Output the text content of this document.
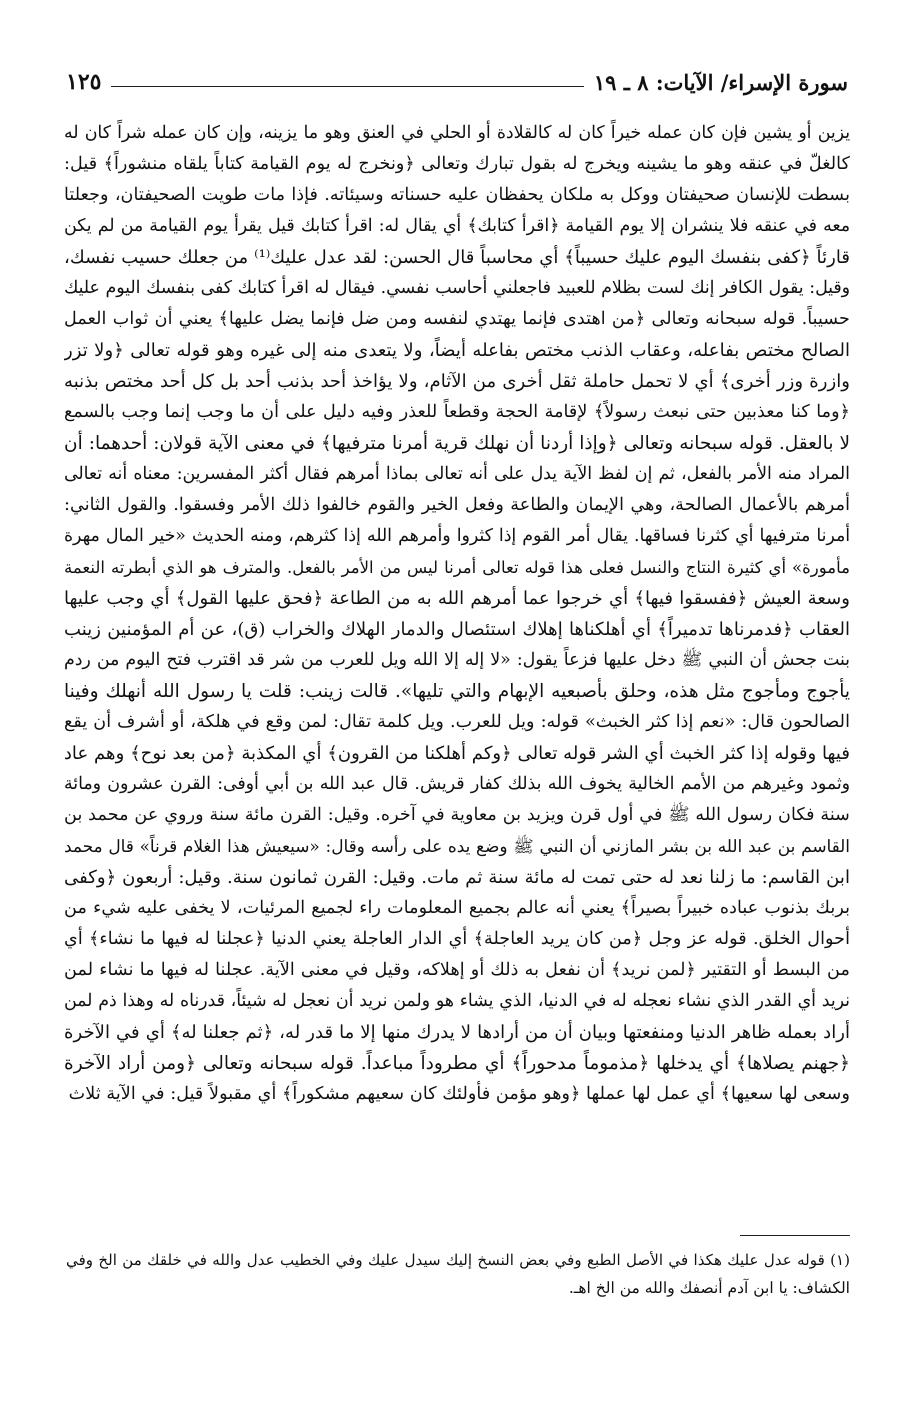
سورة الإسراء/ الآيات: ٨ ـ ١٩
١٢٥
يزين أو يشين فإن كان عمله خيراً كان له كالقلادة أو الحلي في العنق وهو ما يزينه، وإن كان عمله شراً كان له
كالغلّ في عنقه وهو ما يشينه ويخرج له بقول تبارك وتعالى ﴿ونخرج له يوم القيامة كتاباً يلقاه منشوراً﴾ قيل:
بسطت للإنسان صحيفتان ووكل به ملكان يحفظان عليه حسناته وسيئاته. فإذا مات طويت الصحيفتان، وجعلتا
معه في عنقه فلا ينشران إلا يوم القيامة ﴿اقرأ كتابك﴾ أي يقال له: اقرأ كتابك قيل يقرأ يوم القيامة من لم يكن
قارئاً ﴿كفى بنفسك اليوم عليك حسيباً﴾ أي محاسباً قال الحسن: لقد عدل عليك⁽¹⁾ من جعلك حسيب نفسك،
وقيل: يقول الكافر إنك لست بظلام للعبيد فاجعلني أحاسب نفسي. فيقال له اقرأ كتابك كفى بنفسك اليوم عليك
حسيباً. قوله سبحانه وتعالى ﴿من اهتدى فإنما يهتدي لنفسه ومن ضل فإنما يضل عليها﴾ يعني أن ثواب العمل
الصالح مختص بفاعله، وعقاب الذنب مختص بفاعله أيضاً، ولا يتعدى منه إلى غيره وهو قوله تعالى ﴿ولا تزر
وازرة وزر أخرى﴾ أي لا تحمل حاملة ثقل أخرى من الآثام، ولا يؤاخذ أحد بذنب أحد بل كل أحد مختص بذنبه
﴿وما كنا معذبين حتى نبعث رسولاً﴾ لإقامة الحجة وقطعاً للعذر وفيه دليل على أن ما وجب إنما وجب بالسمع
لا بالعقل. قوله سبحانه وتعالى ﴿وإذا أردنا أن نهلك قرية أمرنا مترفيها﴾ في معنى الآية قولان: أحدهما: أن
المراد منه الأمر بالفعل، ثم إن لفظ الآية يدل على أنه تعالى بماذا أمرهم فقال أكثر المفسرين: معناه أنه تعالى
أمرهم بالأعمال الصالحة، وهي الإيمان والطاعة وفعل الخير والقوم خالفوا ذلك الأمر وفسقوا. والقول الثاني:
أمرنا مترفيها أي كثرنا فساقها. يقال أمر القوم إذا كثروا وأمرهم الله إذا كثرهم، ومنه الحديث «خير المال مهرة
مأمورة» أي كثيرة النتاج والنسل فعلى هذا قوله تعالى أمرنا ليس من الأمر بالفعل. والمترف هو الذي أبطرته النعمة
وسعة العيش ﴿ففسقوا فيها﴾ أي خرجوا عما أمرهم الله به من الطاعة ﴿فحق عليها القول﴾ أي وجب عليها
العقاب ﴿فدمرناها تدميراً﴾ أي أهلكناها إهلاك استئصال والدمار الهلاك والخراب (ق)، عن أم المؤمنين زينب
بنت جحش أن النبي ﷺ دخل عليها فزعاً يقول: «لا إله إلا الله ويل للعرب من شر قد اقترب فتح اليوم من ردم
يأجوج ومأجوج مثل هذه، وحلق بأصبعيه الإبهام والتي تليها». قالت زينب: قلت يا رسول الله أنهلك وفينا
الصالحون قال: «نعم إذا كثر الخبث» قوله: ويل للعرب. ويل كلمة تقال: لمن وقع في هلكة، أو أشرف أن يقع
فيها وقوله إذا كثر الخبث أي الشر قوله تعالى ﴿وكم أهلكنا من القرون﴾ أي المكذبة ﴿من بعد نوح﴾ وهم عاد
وثمود وغيرهم من الأمم الخالية يخوف الله بذلك كفار قريش. قال عبد الله بن أبي أوفى: القرن عشرون ومائة
سنة فكان رسول الله ﷺ في أول قرن ويزيد بن معاوية في آخره. وقيل: القرن مائة سنة وروي عن محمد بن
القاسم بن عبد الله بن بشر المازني أن النبي ﷺ وضع يده على رأسه وقال: «سيعيش هذا الغلام قرناً» قال محمد
ابن القاسم: ما زلنا نعد له حتى تمت له مائة سنة ثم مات. وقيل: القرن ثمانون سنة. وقيل: أربعون ﴿وكفى
بربك بذنوب عباده خبيراً بصيراً﴾ يعني أنه عالم بجميع المعلومات راء لجميع المرئيات، لا يخفى عليه شيء من
أحوال الخلق. قوله عز وجل ﴿من كان يريد العاجلة﴾ أي الدار العاجلة يعني الدنيا ﴿عجلنا له فيها ما نشاء﴾ أي
من البسط أو التقتير ﴿لمن نريد﴾ أن نفعل به ذلك أو إهلاكه، وقيل في معنى الآية. عجلنا له فيها ما نشاء لمن
نريد أي القدر الذي نشاء نعجله له في الدنيا، الذي يشاء هو ولمن نريد أن نعجل له شيئاً، قدرناه له وهذا ذم لمن
أراد بعمله ظاهر الدنيا ومنفعتها وبيان أن من أرادها لا يدرك منها إلا ما قدر له، ﴿ثم جعلنا له﴾ أي في الآخرة
﴿جهنم يصلاها﴾ أي يدخلها ﴿مذموماً مدحوراً﴾ أي مطروداً مباعداً. قوله سبحانه وتعالى ﴿ومن أراد الآخرة
وسعى لها سعيها﴾ أي عمل لها عملها ﴿وهو مؤمن فأولئك كان سعيهم مشكوراً﴾ أي مقبولاً قيل: في الآية ثلاث
(١) قوله عدل عليك هكذا في الأصل الطبع وفي بعض النسخ إليك سيدل عليك وفي الخطيب عدل والله في خلقك من الخ وفي
الكشاف: يا ابن آدم أنصفك والله من الخ اهـ.
